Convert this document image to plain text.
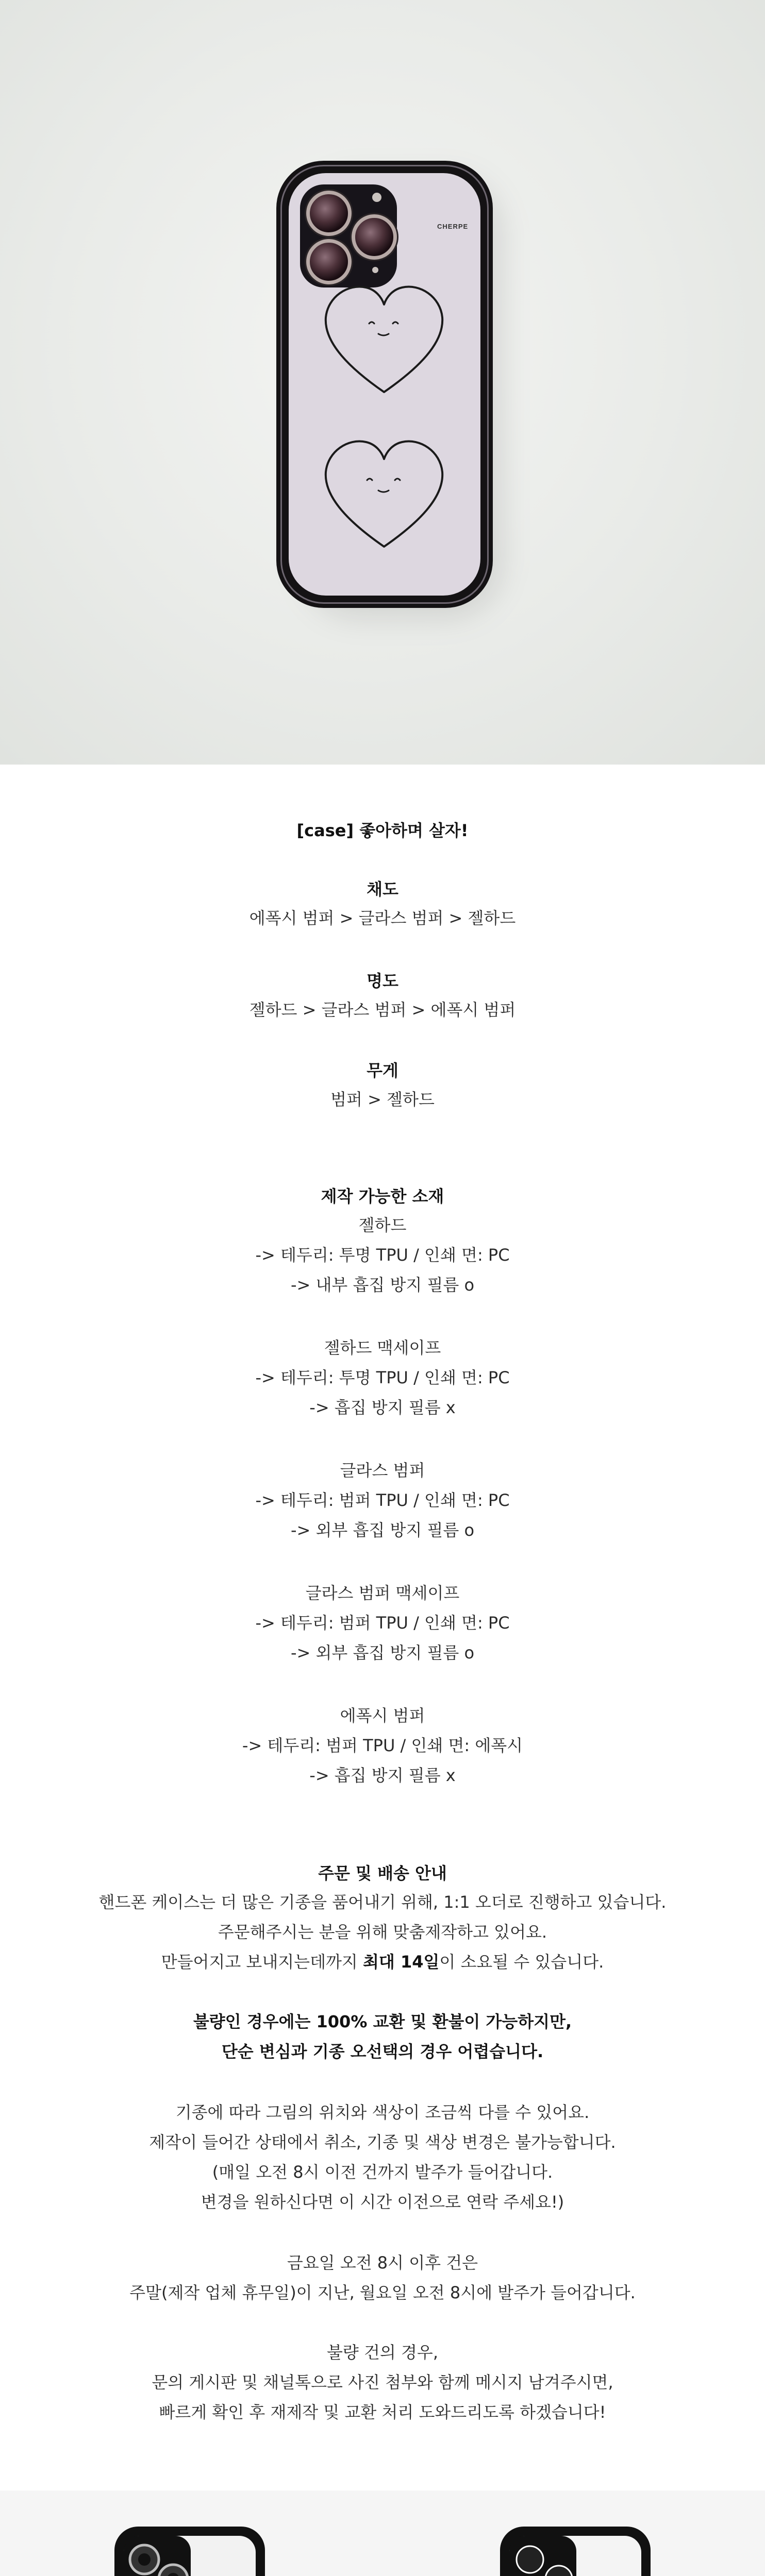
CHERPE
[case] 좋아하며 살자!
채도
에폭시 범퍼 > 글라스 범퍼 > 젤하드
명도
젤하드 > 글라스 범퍼 > 에폭시 범퍼
무게
범퍼 > 젤하드
제작 가능한 소재
젤하드
-> 테두리: 투명 TPU / 인쇄 면: PC
-> 내부 흡집 방지 필름 o
젤하드 맥세이프
-> 테두리: 투명 TPU / 인쇄 면: PC
-> 흡집 방지 필름 x
글라스 범퍼
-> 테두리: 범퍼 TPU / 인쇄 면: PC
-> 외부 흡집 방지 필름 o
글라스 범퍼 맥세이프
-> 테두리: 범퍼 TPU / 인쇄 면: PC
-> 외부 흡집 방지 필름 o
에폭시 범퍼
-> 테두리: 범퍼 TPU / 인쇄 면: 에폭시
-> 흡집 방지 필름 x
주문 및 배송 안내
핸드폰 케이스는 더 많은 기종을 품어내기 위해, 1:1 오더로 진행하고 있습니다.
주문해주시는 분을 위해 맞춤제작하고 있어요.
만들어지고 보내지는데까지 최대 14일이 소요될 수 있습니다.
불량인 경우에는 100% 교환 및 환불이 가능하지만,
단순 변심과 기종 오선택의 경우 어렵습니다.
기종에 따라 그림의 위치와 색상이 조금씩 다를 수 있어요.
제작이 들어간 상태에서 취소, 기종 및 색상 변경은 불가능합니다.
(매일 오전 8시 이전 건까지 발주가 들어갑니다.
변경을 원하신다면 이 시간 이전으로 연락 주세요!)
금요일 오전 8시 이후 건은
주말(제작 업체 휴무일)이 지난, 월요일 오전 8시에 발주가 들어갑니다.
불량 건의 경우,
문의 게시판 및 채널톡으로 사진 첨부와 함께 메시지 남겨주시면,
빠르게 확인 후 재제작 및 교환 처리 도와드리도록 하겠습니다!
